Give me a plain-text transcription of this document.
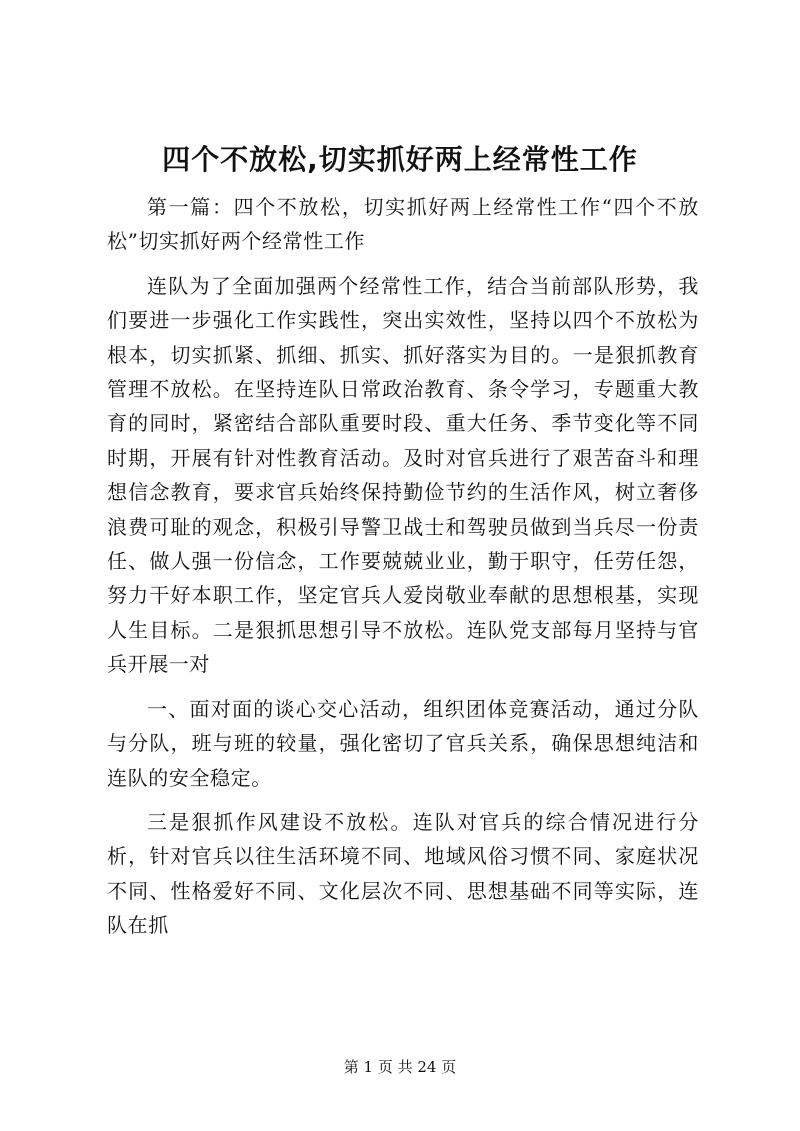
四个不放松,切实抓好两上经常性工作

第一篇：四个不放松，切实抓好两上经常性工作“四个不放松”切实抓好两个经常性工作

连队为了全面加强两个经常性工作，结合当前部队形势，我们要进一步强化工作实践性，突出实效性，坚持以四个不放松为根本，切实抓紧、抓细、抓实、抓好落实为目的。一是狠抓教育管理不放松。在坚持连队日常政治教育、条令学习，专题重大教育的同时，紧密结合部队重要时段、重大任务、季节变化等不同时期，开展有针对性教育活动。及时对官兵进行了艰苦奋斗和理想信念教育，要求官兵始终保持勤俭节约的生活作风，树立奢侈浪费可耻的观念，积极引导警卫战士和驾驶员做到当兵尽一份责任、做人强一份信念，工作要兢兢业业，勤于职守，任劳任怨，努力干好本职工作，坚定官兵人爱岗敬业奉献的思想根基，实现人生目标。二是狠抓思想引导不放松。连队党支部每月坚持与官兵开展一对

一、面对面的谈心交心活动，组织团体竞赛活动，通过分队与分队，班与班的较量，强化密切了官兵关系，确保思想纯洁和连队的安全稳定。

三是狠抓作风建设不放松。连队对官兵的综合情况进行分析，针对官兵以往生活环境不同、地域风俗习惯不同、家庭状况不同、性格爱好不同、文化层次不同、思想基础不同等实际，连队在抓

第 1 页 共 24 页
